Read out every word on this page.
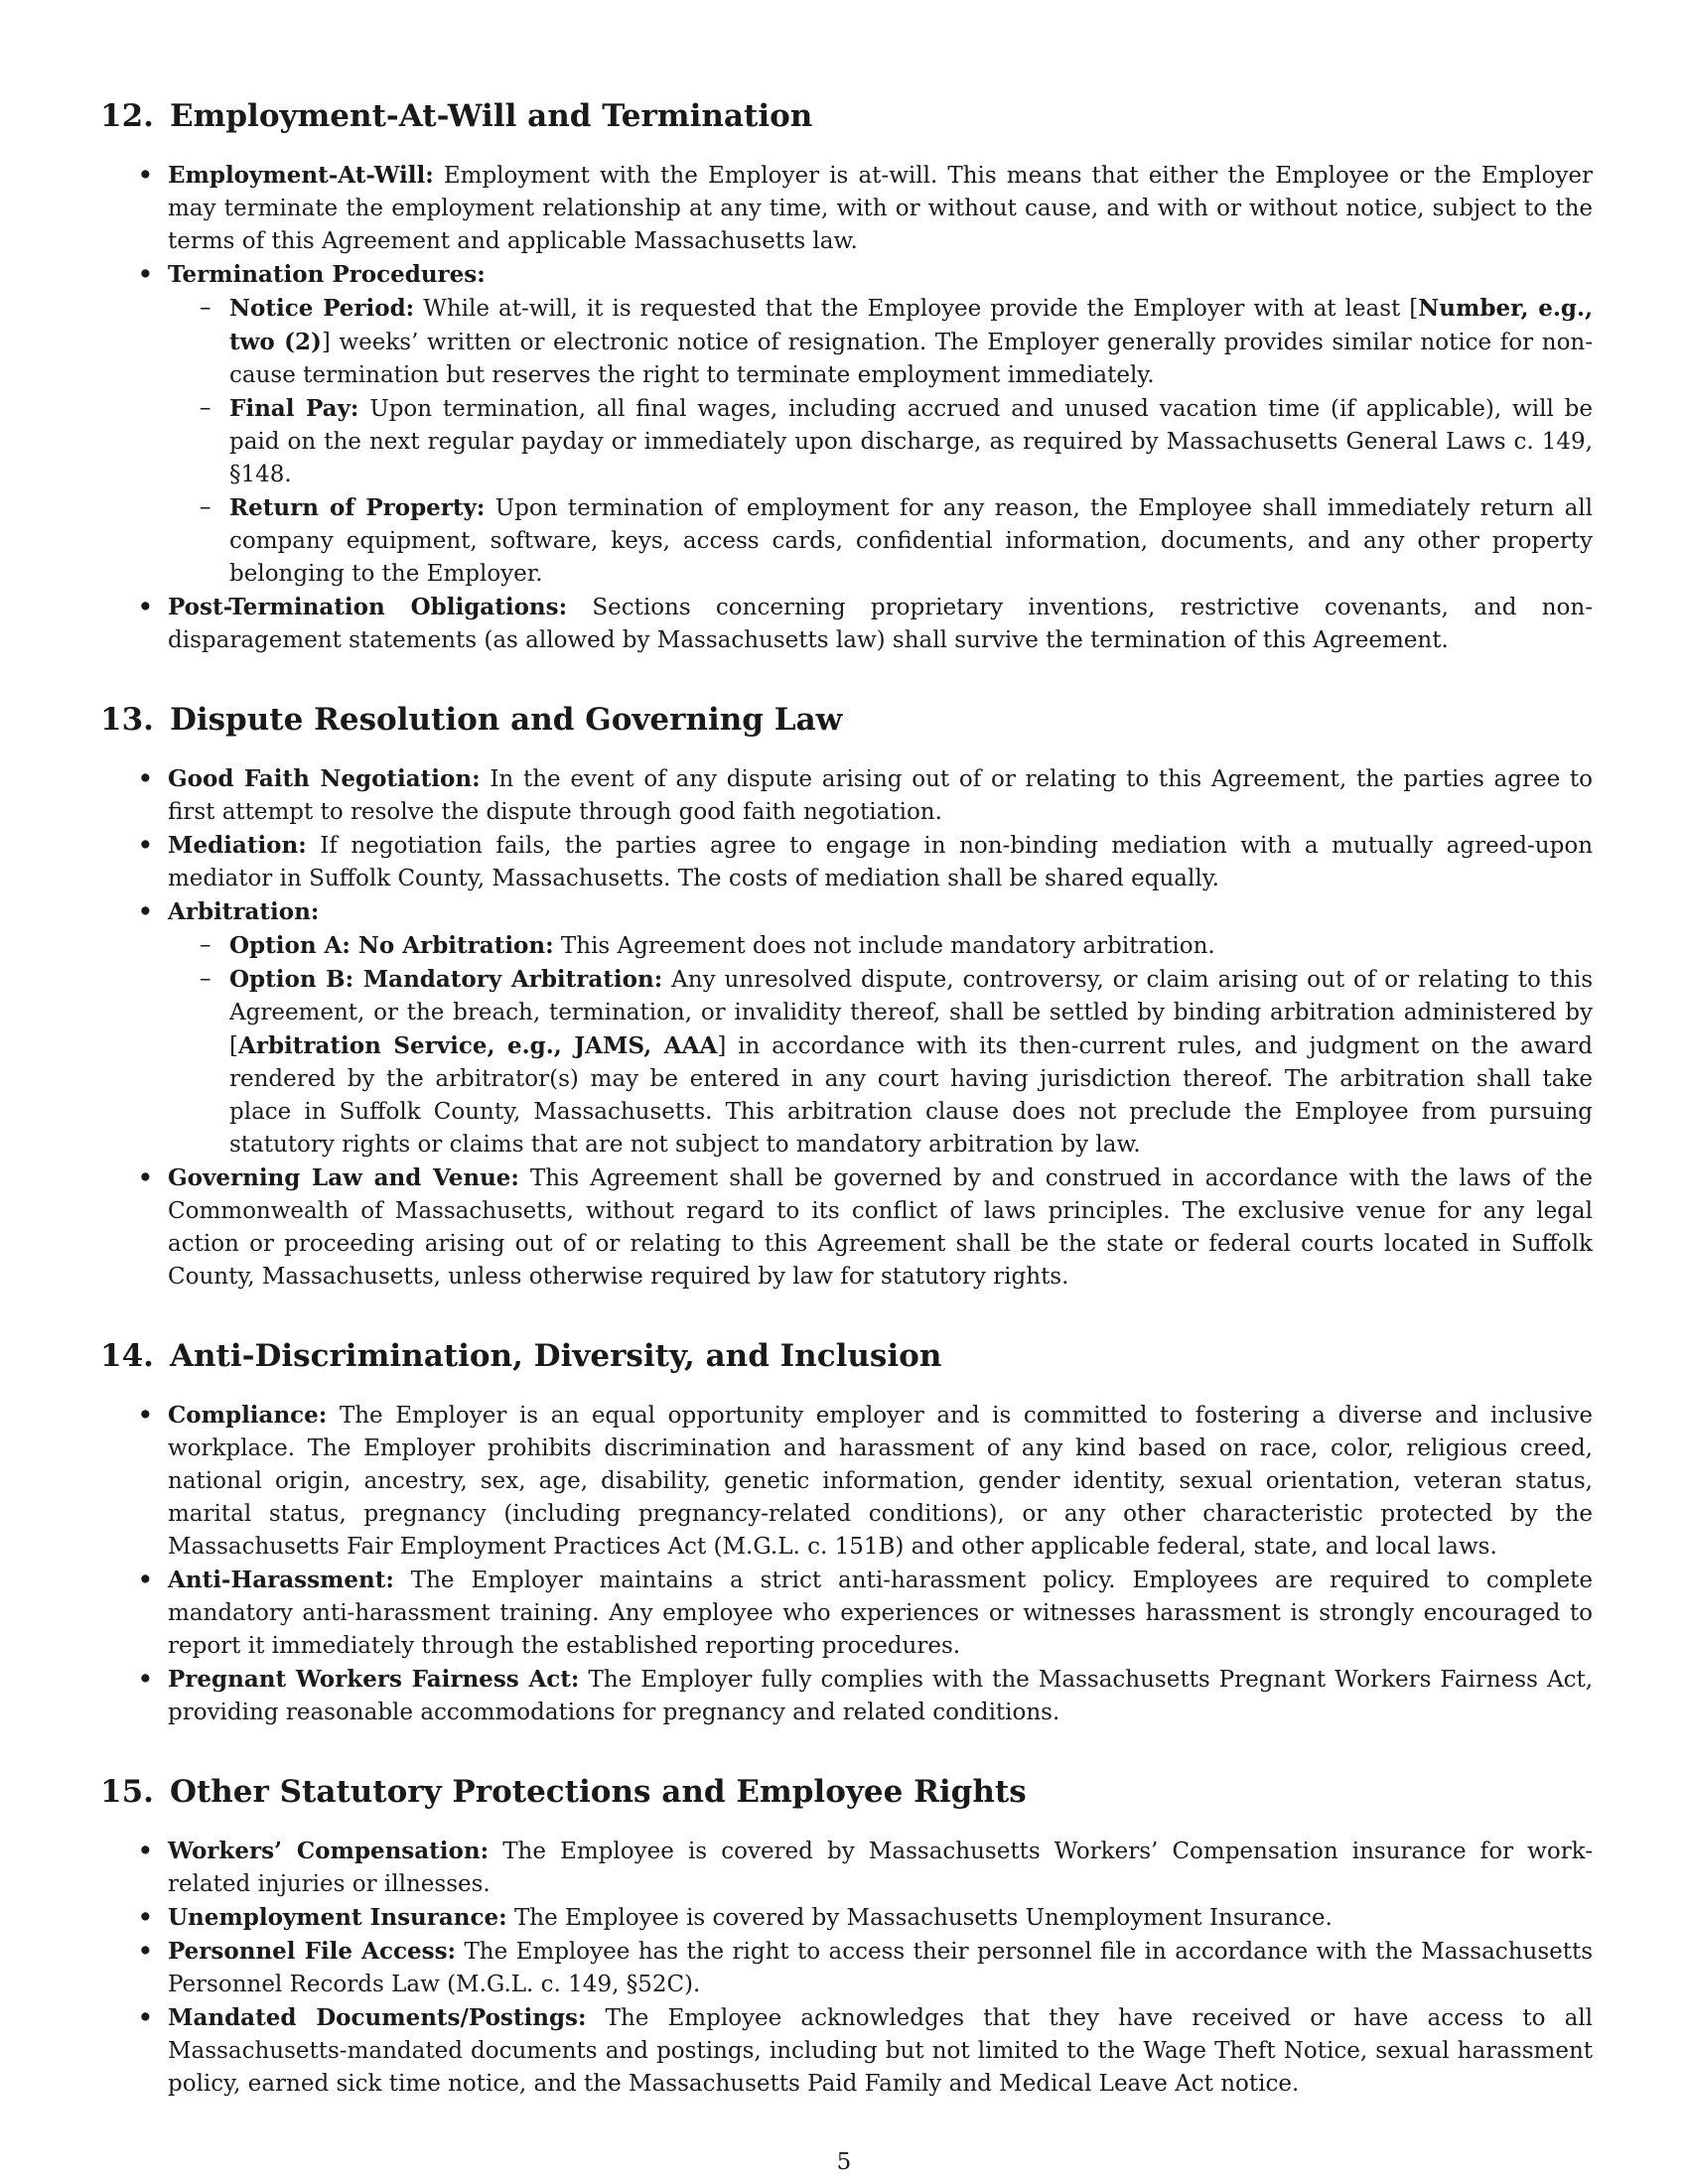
12. Employment-At-Will and Termination
• Employment-At-Will: Employment with the Employer is at-will. This means that either the Employee or the Employer may terminate the employment relationship at any time, with or without cause, and with or without notice, subject to the terms of this Agreement and applicable Massachusetts law.
• Termination Procedures:
– Notice Period: While at-will, it is requested that the Employee provide the Employer with at least [Number, e.g., two (2)] weeks’ written or electronic notice of resignation. The Employer generally provides similar notice for non-cause termination but reserves the right to terminate employment immediately.
– Final Pay: Upon termination, all final wages, including accrued and unused vacation time (if applicable), will be paid on the next regular payday or immediately upon discharge, as required by Massachusetts General Laws c. 149, §148.
– Return of Property: Upon termination of employment for any reason, the Employee shall immediately return all company equipment, software, keys, access cards, confidential information, documents, and any other property belonging to the Employer.
• Post-Termination Obligations: Sections concerning proprietary inventions, restrictive covenants, and non-disparagement statements (as allowed by Massachusetts law) shall survive the termination of this Agreement.
13. Dispute Resolution and Governing Law
• Good Faith Negotiation: In the event of any dispute arising out of or relating to this Agreement, the parties agree to first attempt to resolve the dispute through good faith negotiation.
• Mediation: If negotiation fails, the parties agree to engage in non-binding mediation with a mutually agreed-upon mediator in Suffolk County, Massachusetts. The costs of mediation shall be shared equally.
• Arbitration:
– Option A: No Arbitration: This Agreement does not include mandatory arbitration.
– Option B: Mandatory Arbitration: Any unresolved dispute, controversy, or claim arising out of or relating to this Agreement, or the breach, termination, or invalidity thereof, shall be settled by binding arbitration administered by [Arbitration Service, e.g., JAMS, AAA] in accordance with its then-current rules, and judgment on the award rendered by the arbitrator(s) may be entered in any court having jurisdiction thereof. The arbitration shall take place in Suffolk County, Massachusetts. This arbitration clause does not preclude the Employee from pursuing statutory rights or claims that are not subject to mandatory arbitration by law.
• Governing Law and Venue: This Agreement shall be governed by and construed in accordance with the laws of the Commonwealth of Massachusetts, without regard to its conflict of laws principles. The exclusive venue for any legal action or proceeding arising out of or relating to this Agreement shall be the state or federal courts located in Suffolk County, Massachusetts, unless otherwise required by law for statutory rights.
14. Anti-Discrimination, Diversity, and Inclusion
• Compliance: The Employer is an equal opportunity employer and is committed to fostering a diverse and inclusive workplace. The Employer prohibits discrimination and harassment of any kind based on race, color, religious creed, national origin, ancestry, sex, age, disability, genetic information, gender identity, sexual orientation, veteran status, marital status, pregnancy (including pregnancy-related conditions), or any other characteristic protected by the Massachusetts Fair Employment Practices Act (M.G.L. c. 151B) and other applicable federal, state, and local laws.
• Anti-Harassment: The Employer maintains a strict anti-harassment policy. Employees are required to complete mandatory anti-harassment training. Any employee who experiences or witnesses harassment is strongly encouraged to report it immediately through the established reporting procedures.
• Pregnant Workers Fairness Act: The Employer fully complies with the Massachusetts Pregnant Workers Fairness Act, providing reasonable accommodations for pregnancy and related conditions.
15. Other Statutory Protections and Employee Rights
• Workers’ Compensation: The Employee is covered by Massachusetts Workers’ Compensation insurance for work-related injuries or illnesses.
• Unemployment Insurance: The Employee is covered by Massachusetts Unemployment Insurance.
• Personnel File Access: The Employee has the right to access their personnel file in accordance with the Massachusetts Personnel Records Law (M.G.L. c. 149, §52C).
• Mandated Documents/Postings: The Employee acknowledges that they have received or have access to all Massachusetts-mandated documents and postings, including but not limited to the Wage Theft Notice, sexual harassment policy, earned sick time notice, and the Massachusetts Paid Family and Medical Leave Act notice.
5
